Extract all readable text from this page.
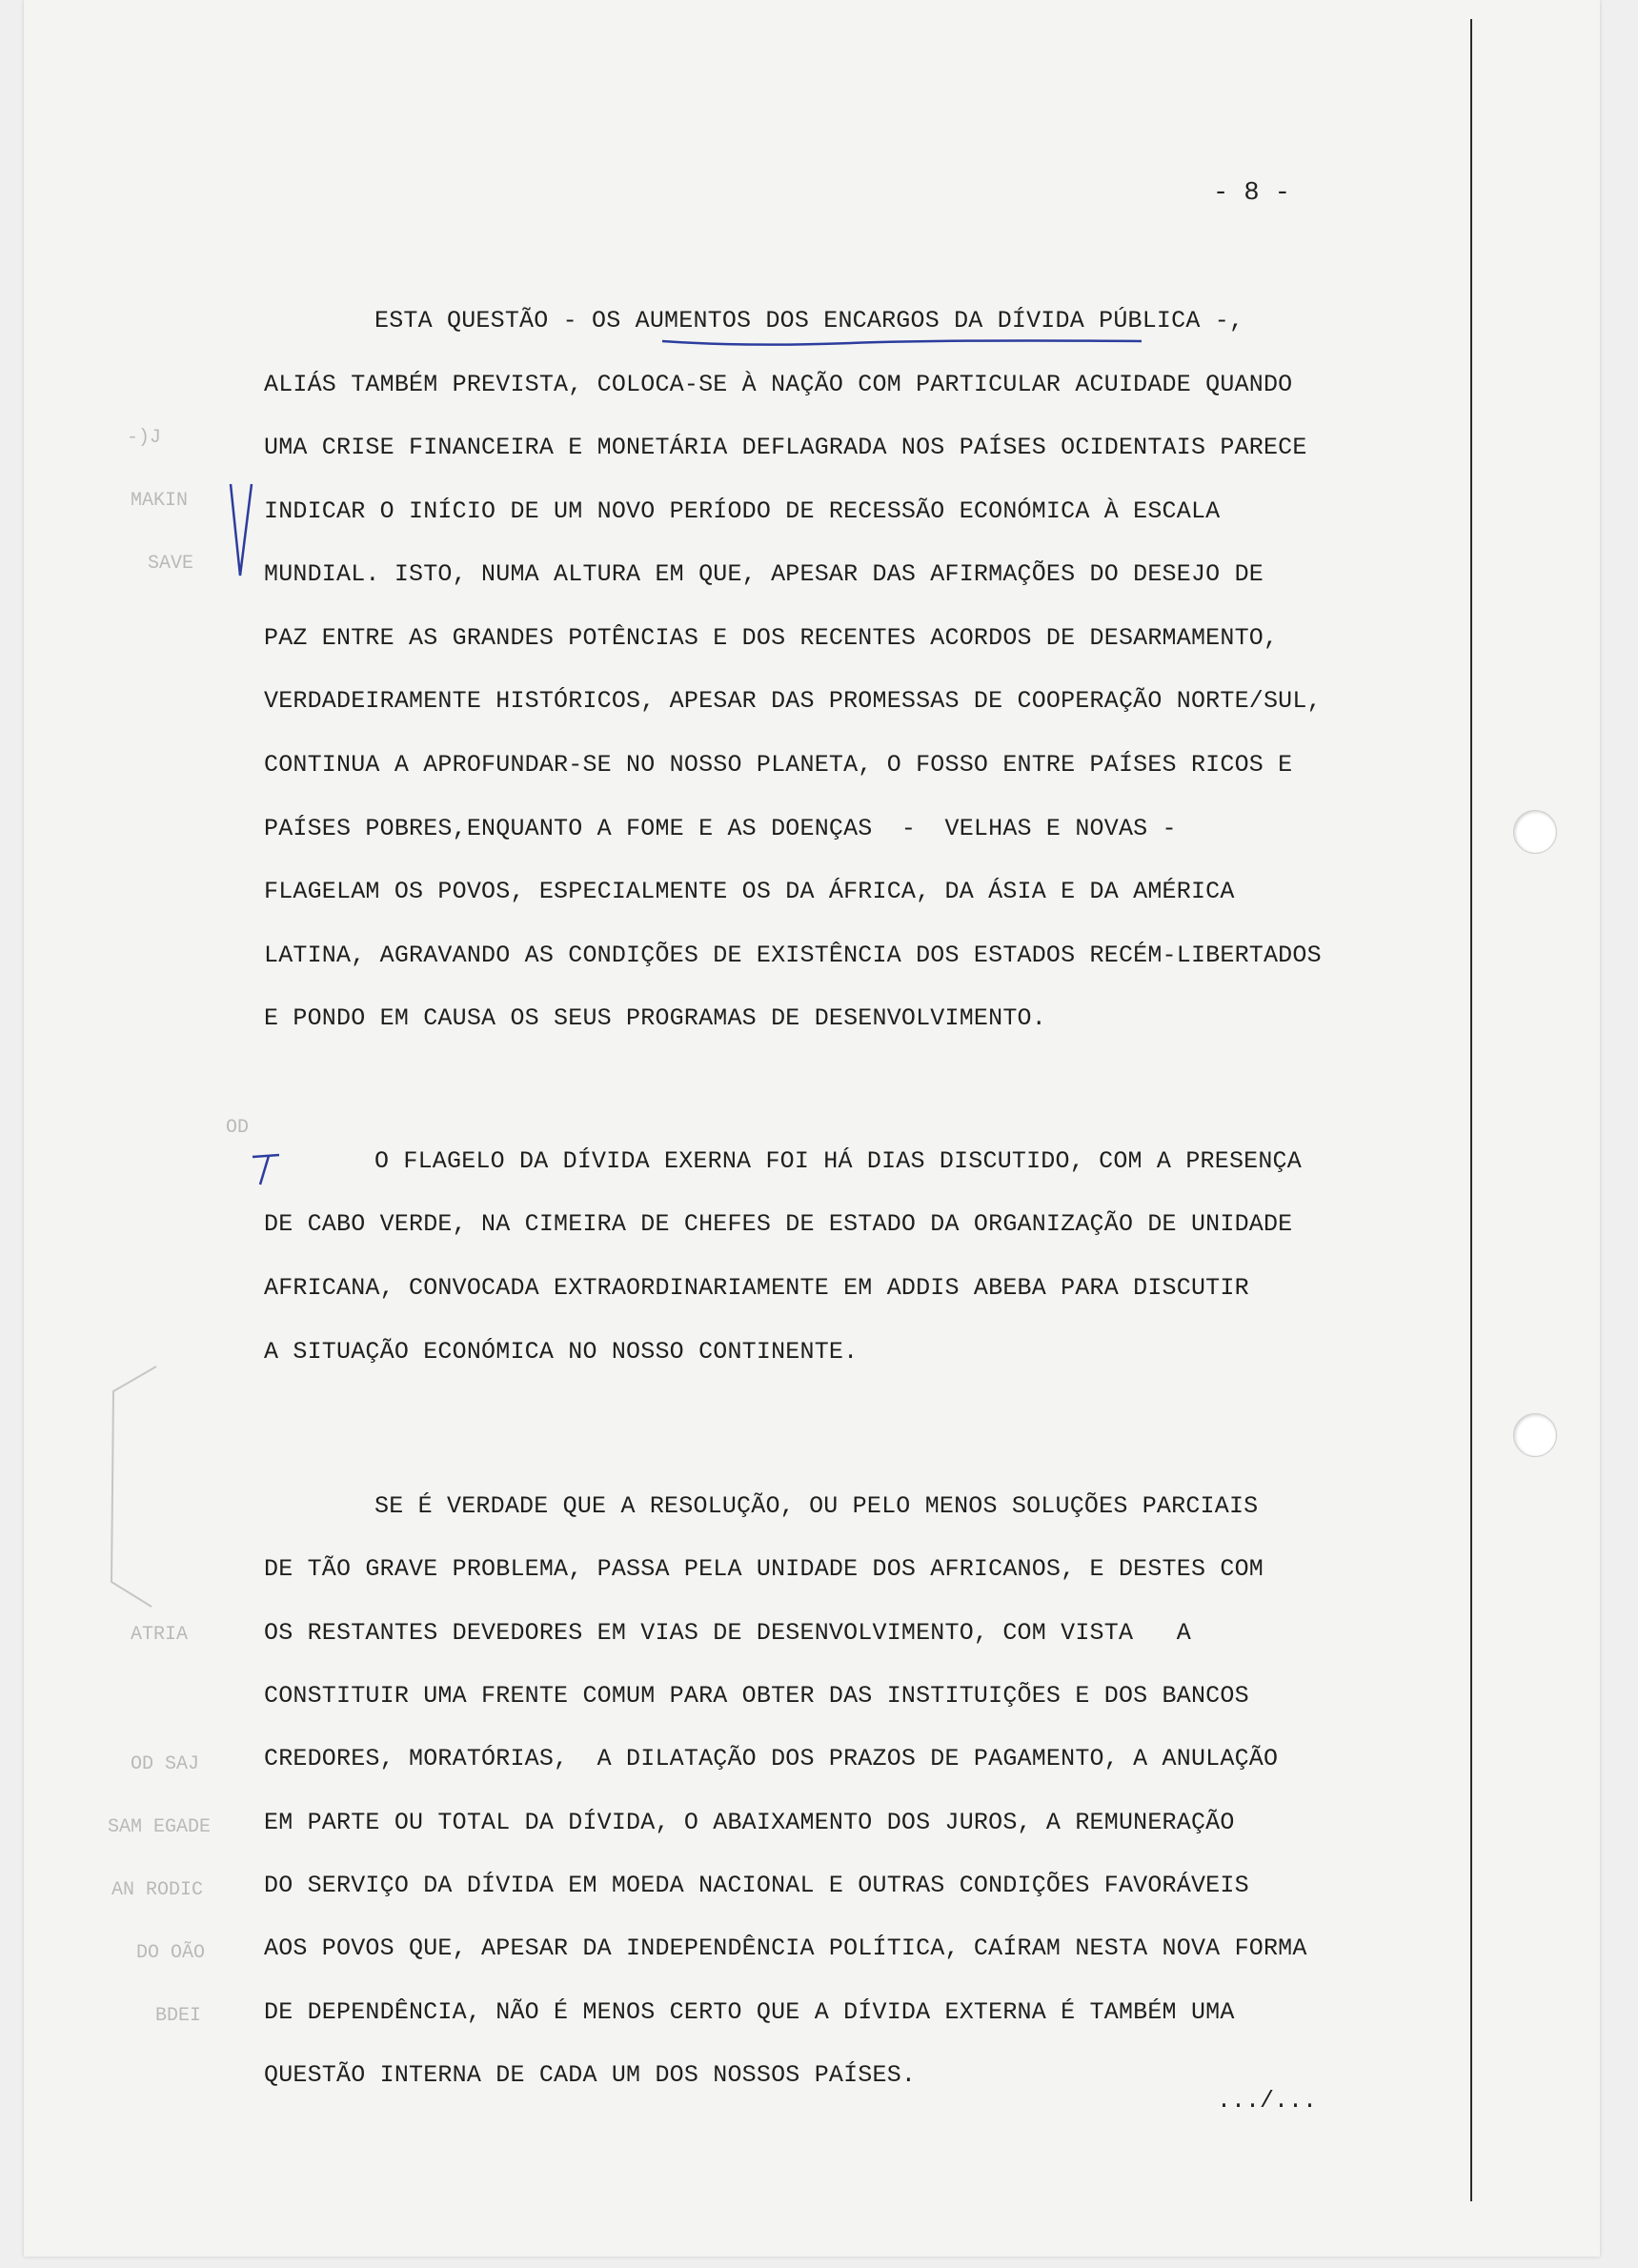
- 8 -
ESTA QUESTÃO - OS AUMENTOS DOS ENCARGOS DA DÍVIDA PÚBLICA -,
ALIÁS TAMBÉM PREVISTA, COLOCA-SE À NAÇÃO COM PARTICULAR ACUIDADE QUANDO
UMA CRISE FINANCEIRA E MONETÁRIA DEFLAGRADA NOS PAÍSES OCIDENTAIS PARECE
INDICAR O INÍCIO DE UM NOVO PERÍODO DE RECESSÃO ECONÓMICA À ESCALA
MUNDIAL. ISTO, NUMA ALTURA EM QUE, APESAR DAS AFIRMAÇÕES DO DESEJO DE
PAZ ENTRE AS GRANDES POTÊNCIAS E DOS RECENTES ACORDOS DE DESARMAMENTO,
VERDADEIRAMENTE HISTÓRICOS, APESAR DAS PROMESSAS DE COOPERAÇÃO NORTE/SUL,
CONTINUA A APROFUNDAR-SE NO NOSSO PLANETA, O FOSSO ENTRE PAÍSES RICOS E
PAÍSES POBRES,ENQUANTO A FOME E AS DOENÇAS  -  VELHAS E NOVAS -
FLAGELAM OS POVOS, ESPECIALMENTE OS DA ÁFRICA, DA ÁSIA E DA AMÉRICA
LATINA, AGRAVANDO AS CONDIÇÕES DE EXISTÊNCIA DOS ESTADOS RECÉM-LIBERTADOS
E PONDO EM CAUSA OS SEUS PROGRAMAS DE DESENVOLVIMENTO.
O FLAGELO DA DÍVIDA EXERNA FOI HÁ DIAS DISCUTIDO, COM A PRESENÇA
DE CABO VERDE, NA CIMEIRA DE CHEFES DE ESTADO DA ORGANIZAÇÃO DE UNIDADE
AFRICANA, CONVOCADA EXTRAORDINARIAMENTE EM ADDIS ABEBA PARA DISCUTIR
A SITUAÇÃO ECONÓMICA NO NOSSO CONTINENTE.
SE É VERDADE QUE A RESOLUÇÃO, OU PELO MENOS SOLUÇÕES PARCIAIS
DE TÃO GRAVE PROBLEMA, PASSA PELA UNIDADE DOS AFRICANOS, E DESTES COM
OS RESTANTES DEVEDORES EM VIAS DE DESENVOLVIMENTO, COM VISTA   A
CONSTITUIR UMA FRENTE COMUM PARA OBTER DAS INSTITUIÇÕES E DOS BANCOS
CREDORES, MORATÓRIAS,  A DILATAÇÃO DOS PRAZOS DE PAGAMENTO, A ANULAÇÃO
EM PARTE OU TOTAL DA DÍVIDA, O ABAIXAMENTO DOS JUROS, A REMUNERAÇÃO
DO SERVIÇO DA DÍVIDA EM MOEDA NACIONAL E OUTRAS CONDIÇÕES FAVORÁVEIS
AOS POVOS QUE, APESAR DA INDEPENDÊNCIA POLÍTICA, CAÍRAM NESTA NOVA FORMA
DE DEPENDÊNCIA, NÃO É MENOS CERTO QUE A DÍVIDA EXTERNA É TAMBÉM UMA
QUESTÃO INTERNA DE CADA UM DOS NOSSOS PAÍSES.
.../...
-)J
MAKIN
SAVE
OD SAJ
SAM EGADE
AN RODIC
DO OÃO
BDEI
ATRIA
OD
